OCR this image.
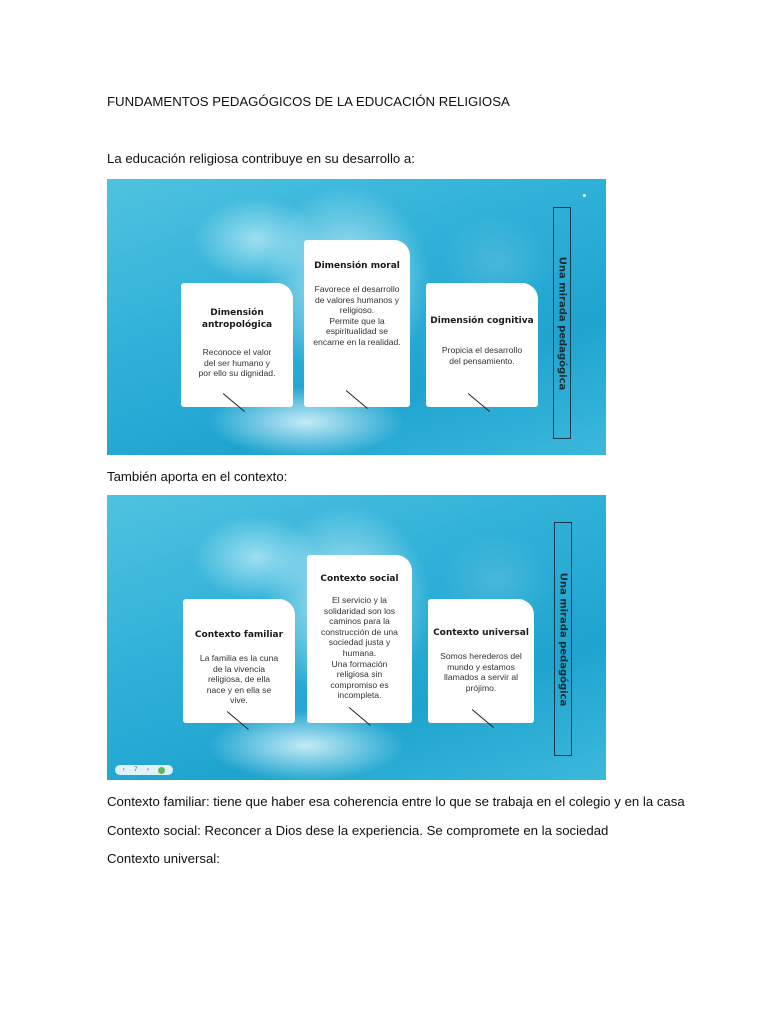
FUNDAMENTOS PEDAGÓGICOS DE LA EDUCACIÓN RELIGIOSA
La educación religiosa contribuye en su desarrollo a:
Dimensión
antropológica
Reconoce el valor
del ser humano y
por ello su dignidad.
Dimensión moral
Favorece el desarrollo
de valores humanos y
religioso.
Permite que la
espiritualidad se
encarne en la realidad.
Dimensión cognitiva
Propicia el desarrollo
del pensamiento.	Una mirada pedagógica
También aporta en el contexto:
Contexto familiar
La familia es la cuna
de la vivencia
religiosa, de ella
nace y en ella se
vive.
Contexto social
El servicio y la
solidaridad son los
caminos para la
construcción de una
sociedad justa y
humana.
Una formación
religiosa sin
compromiso es
incompleta.
Contexto universal
Somos herederos del
mundo y estamos
llamados a servir al
prójimo.	Una mirada pedagógica
‹ 7 ›
Contexto familiar: tiene que haber esa coherencia entre lo que se trabaja en el colegio y en la casa
Contexto social: Reconcer a Dios dese la experiencia. Se compromete en la sociedad
Contexto universal:
